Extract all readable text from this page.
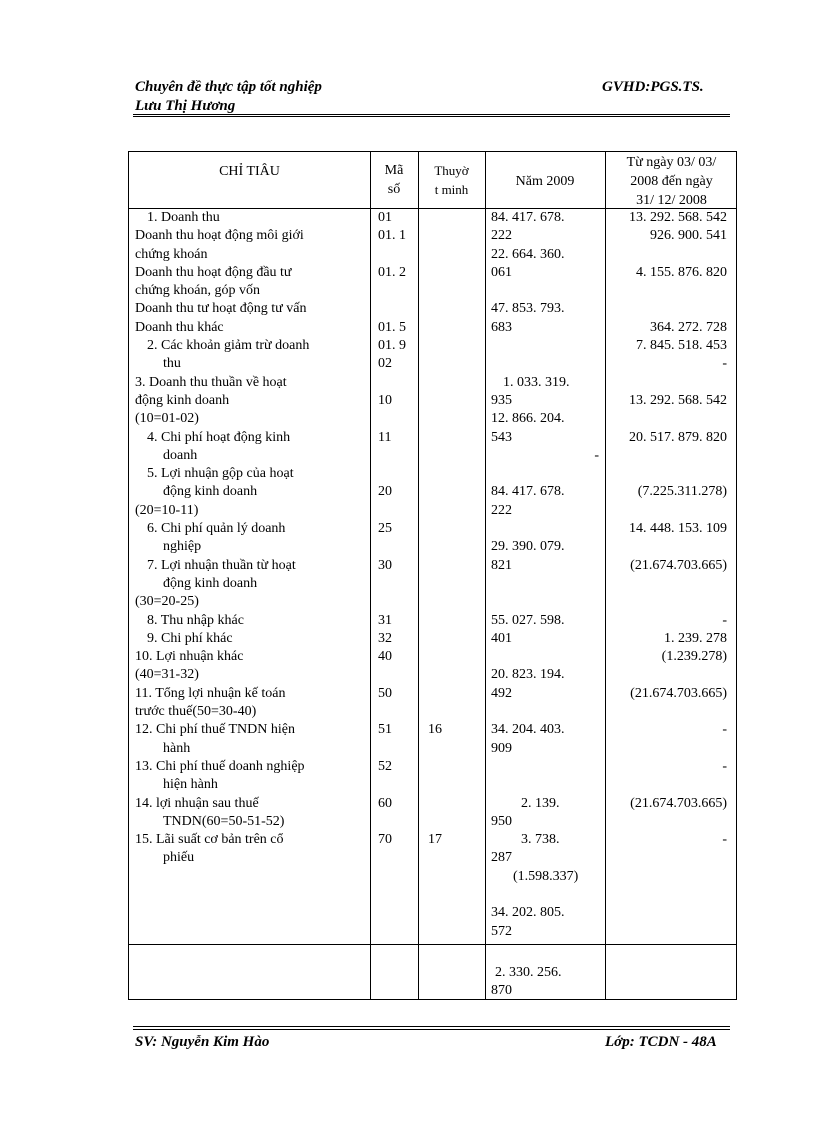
Chuyên đề thực tập tốt nghiệp
Lưu Thị Hương
GVHD:PGS.TS.
CHỈ TIÂU	Mã
số
Thuyờ
t minh
Năm 2009
Từ ngày 03/ 03/
2008 đến ngày
31/ 12/ 2008
1. Doanh thu
Doanh thu hoạt động môi giới
chứng khoán
Doanh thu hoạt động đầu tư
chứng khoán, góp vốn
Doanh thu tư hoạt động tư vấn
Doanh thu khác
2. Các khoản giảm trừ doanh
thu
3. Doanh thu thuần về hoạt
động kinh doanh
(10=01-02)
4. Chi phí hoạt động kinh
doanh
5. Lợi nhuận gộp của hoạt
động kinh doanh
(20=10-11)
6. Chi phí quản lý doanh
nghiệp
7. Lợi nhuận thuần từ hoạt
động kinh doanh
(30=20-25)
8. Thu nhập khác
9. Chi phí khác
10. Lợi nhuận khác
(40=31-32)
11. Tổng lợi nhuận kế toán
trước thuế(50=30-40)
12. Chi phí thuế TNDN hiện
hành
13. Chi phí thuế doanh nghiệp
hiện hành
14. lợi nhuận sau thuế
TNDN(60=50-51-52)
15. Lãi suất cơ bản trên cổ
phiếu
01
01. 1
01. 2
01. 5
01. 9
02
10
11
20
25
30
31
32
40
50
51
52
60
70
16
17
84. 417. 678.
222
22. 664. 360.
061
47. 853. 793.
683
1. 033. 319.
935
12. 866. 204.
543
-
84. 417. 678.
222
29. 390. 079.
821
55. 027. 598.
401
20. 823. 194.
492
34. 204. 403.
909
2. 139.
950
3. 738.
287
(1.598.337)
34. 202. 805.
572
13. 292. 568. 542
926. 900. 541
4. 155. 876. 820
364. 272. 728
7. 845. 518. 453
-
13. 292. 568. 542
20. 517. 879. 820
(7.225.311.278)
14. 448. 153. 109
(21.674.703.665)
-
1. 239. 278
(1.239.278)
(21.674.703.665)
-
-
(21.674.703.665)
-
2. 330. 256.
870
SV: Nguyễn Kim Hào	Lớp: TCDN - 48A
